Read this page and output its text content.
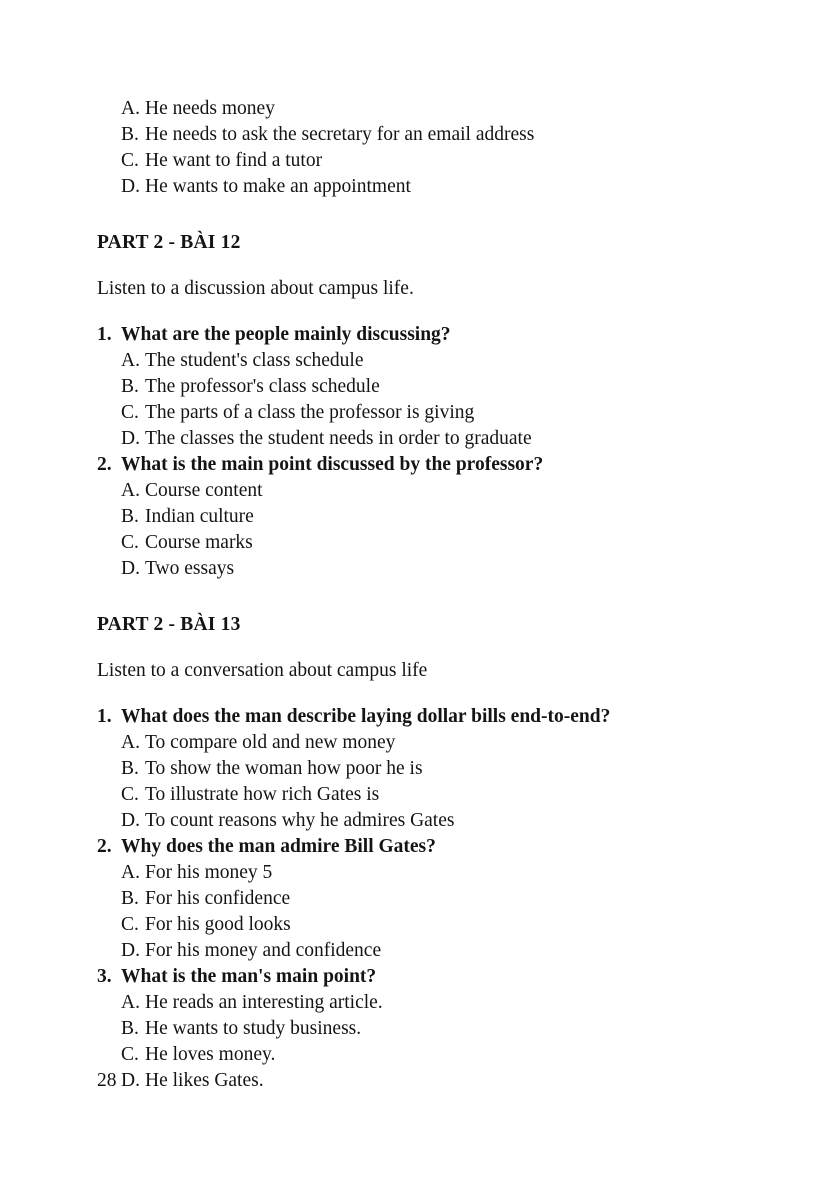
A. He needs money
B. He needs to ask the secretary for an email address
C. He want to find a tutor
D. He wants to make an appointment
PART 2 - BÀI 12
Listen to a discussion about campus life.
1. What are the people mainly discussing?
A. The student's class schedule
B. The professor's class schedule
C. The parts of a class the professor is giving
D. The classes the student needs in order to graduate
2. What is the main point discussed by the professor?
A. Course content
B. Indian culture
C. Course marks
D. Two essays
PART 2 - BÀI 13
Listen to a conversation about campus life
1. What does the man describe laying dollar bills end-to-end?
A. To compare old and new money
B. To show the woman how poor he is
C. To illustrate how rich Gates is
D. To count reasons why he admires Gates
2. Why does the man admire Bill Gates?
A. For his money 5
B. For his confidence
C. For his good looks
D. For his money and confidence
3. What is the man's main point?
A. He reads an interesting article.
B. He wants to study business.
C. He loves money.
D. He likes Gates.
28
